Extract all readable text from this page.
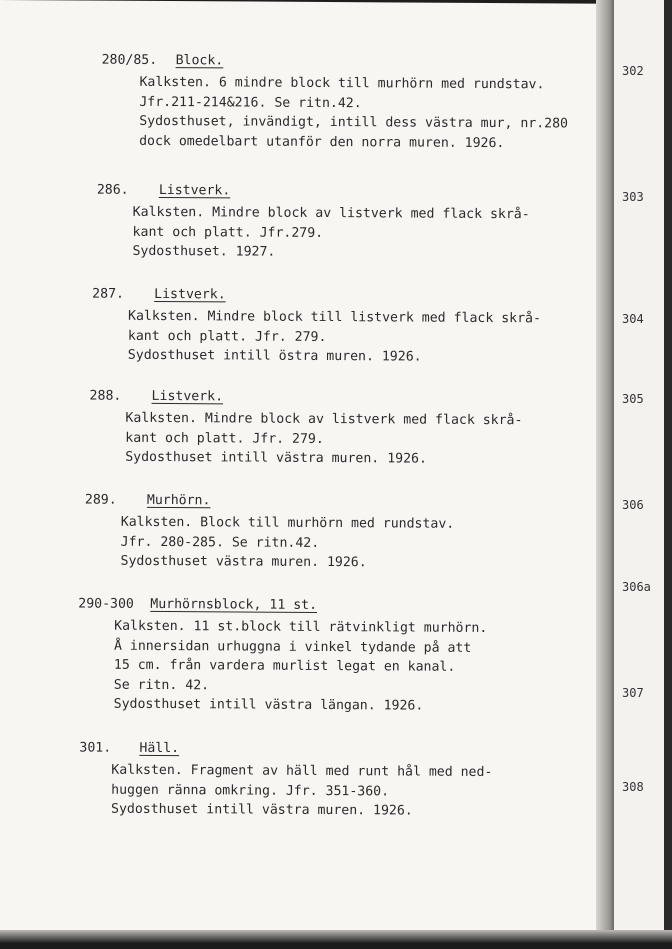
280/85. Block.
Kalksten. 6 mindre block till murhörn med rundstav.
Jfr.211-214&216. Se ritn.42.
Sydosthuset, invändigt, intill dess västra mur, nr.280
dock omedelbart utanför den norra muren. 1926.
286. Listverk.
Kalksten. Mindre block av listverk med flack skrå-
kant och platt. Jfr.279.
Sydosthuset. 1927.
287. Listverk.
Kalksten. Mindre block till listverk med flack skrå-
kant och platt. Jfr. 279.
Sydosthuset intill östra muren. 1926.
288. Listverk.
Kalksten. Mindre block av listverk med flack skrå-
kant och platt. Jfr. 279.
Sydosthuset intill västra muren. 1926.
289. Murhörn.
Kalksten. Block till murhörn med rundstav.
Jfr. 280-285. Se ritn.42.
Sydosthuset västra muren. 1926.
290-300 Murhörnsblock, 11 st.
Kalksten. 11 st.block till rätvinkligt murhörn.
Å innersidan urhuggna i vinkel tydande på att
15 cm. från vardera murlist legat en kanal.
Se ritn. 42.
Sydosthuset intill västra längan. 1926.
301. Häll.
Kalksten. Fragment av häll med runt hål med ned-
huggen ränna omkring. Jfr. 351-360.
Sydosthuset intill västra muren. 1926.
302
303
304
305
306
306a
307
308
